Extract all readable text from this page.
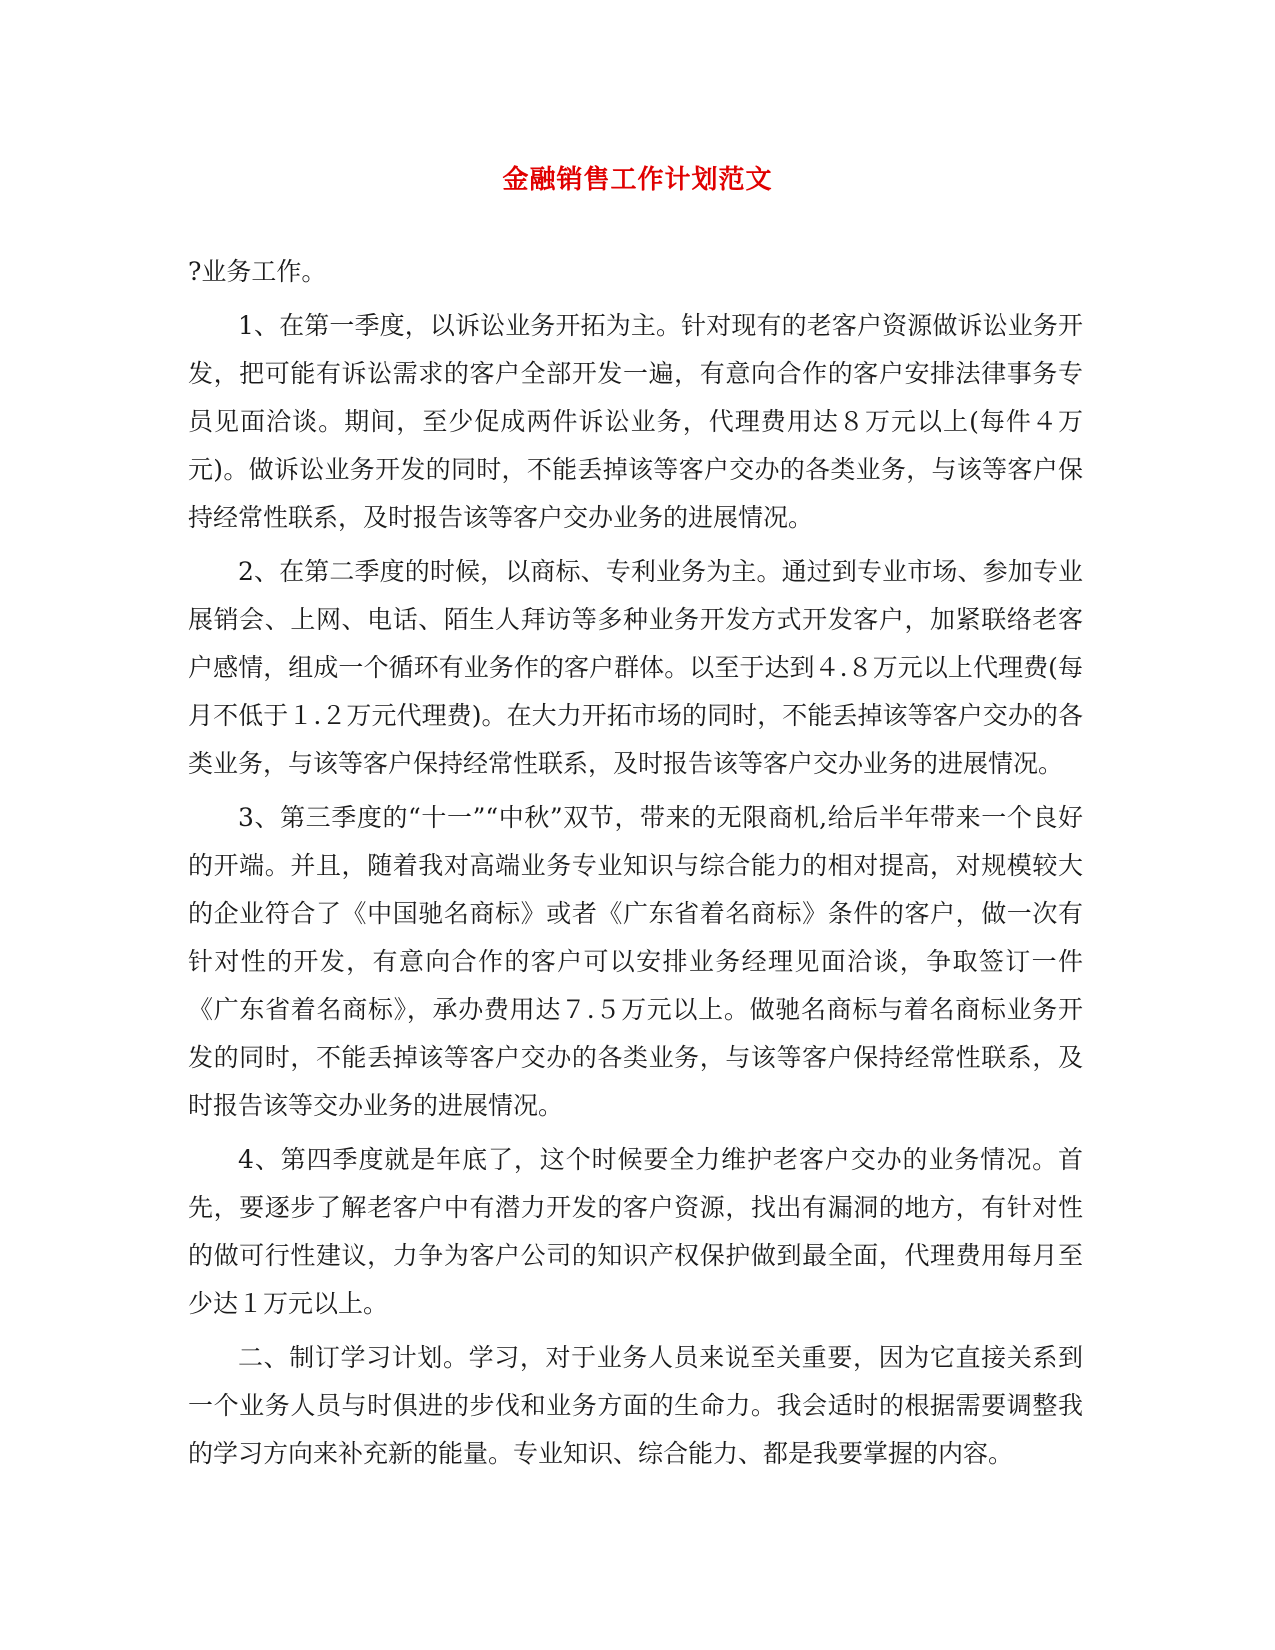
金融销售工作计划范文

?业务工作。

1、在第一季度，以诉讼业务开拓为主。针对现有的老客户资源做诉讼业务开发，把可能有诉讼需求的客户全部开发一遍，有意向合作的客户安排法律事务专员见面洽谈。期间，至少促成两件诉讼业务，代理费用达８万元以上(每件４万元)。做诉讼业务开发的同时，不能丢掉该等客户交办的各类业务，与该等客户保持经常性联系，及时报告该等客户交办业务的进展情况。

2、在第二季度的时候，以商标、专利业务为主。通过到专业市场、参加专业展销会、上网、电话、陌生人拜访等多种业务开发方式开发客户，加紧联络老客户感情，组成一个循环有业务作的客户群体。以至于达到４.８万元以上代理费(每月不低于１.２万元代理费)。在大力开拓市场的同时，不能丢掉该等客户交办的各类业务，与该等客户保持经常性联系，及时报告该等客户交办业务的进展情况。

3、第三季度的“十一”“中秋”双节，带来的无限商机,给后半年带来一个良好的开端。并且，随着我对高端业务专业知识与综合能力的相对提高，对规模较大的企业符合了《中国驰名商标》或者《广东省着名商标》条件的客户，做一次有针对性的开发，有意向合作的客户可以安排业务经理见面洽谈，争取签订一件《广东省着名商标》，承办费用达７.５万元以上。做驰名商标与着名商标业务开发的同时，不能丢掉该等客户交办的各类业务，与该等客户保持经常性联系，及时报告该等交办业务的进展情况。

4、第四季度就是年底了，这个时候要全力维护老客户交办的业务情况。首先，要逐步了解老客户中有潜力开发的客户资源，找出有漏洞的地方，有针对性的做可行性建议，力争为客户公司的知识产权保护做到最全面，代理费用每月至少达１万元以上。

二、制订学习计划。学习，对于业务人员来说至关重要，因为它直接关系到一个业务人员与时俱进的步伐和业务方面的生命力。我会适时的根据需要调整我的学习方向来补充新的能量。专业知识、综合能力、都是我要掌握的内容。
